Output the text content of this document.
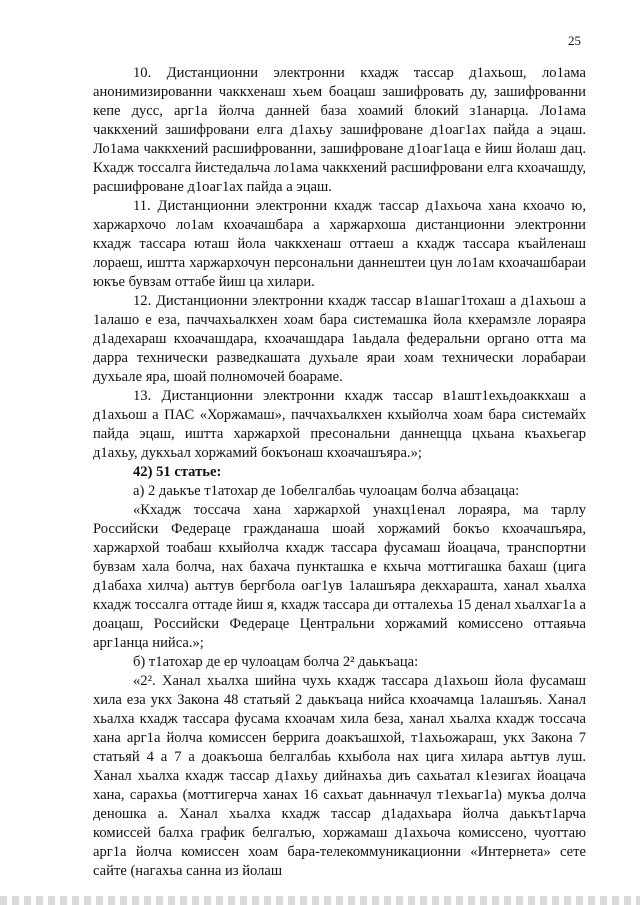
25

10. Дистанционни электронни кхадж тассар д1ахьош, ло1ама анонимизированни чаккхенаш хьем боацаш зашифровать ду, зашифрованни кепе дусс, арг1а йолча данней база хоамий блокий з1анарца. Ло1ама чаккхений зашифровани елга д1ахьу зашифроване д1оаг1ах пайда а эцаш. Ло1ама чаккхений расшифрованни, зашифроване д1оаг1аца е йиш йолаш дац. Кхадж тоссалга йистедальча ло1ама чаккхений расшифровани елга кхоачашду, расшифроване д1оаг1ах пайда а эцаш.

11. Дистанционни электронни кхадж тассар д1ахьоча хана кхоачо ю, харжархочо ло1ам кхоачашбара а харжархоша дистанционни электронни кхадж тассара юташ йола чаккхенаш оттаеш а кхадж тассара къайленаш лораеш, иштта харжархочун персональни даннештеи цун ло1ам кхоачашбараи юкъе бувзам оттабе йиш ца хилари.

12. Дистанционни электронни кхадж тассар в1ашаг1тохаш а д1ахьош а 1алашо е еза, паччахьалкхен хоам бара системашка йола кхерамзле лораяра д1адехараш кхоачашдара, кхоачашдара 1аьдала федеральни органо отта ма дарра технически разведкашата духьале яраи хоам технически лорабараи духьале яра, шоай полномочей боараме.

13. Дистанционни электронни кхадж тассар в1ашт1ехьдоаккхаш а д1ахьош а ПАС «Хоржамаш», паччахьалкхен кхыйолча хоам бара системайх пайда эцаш, иштта харжархой пресональни даннещца цхьана къахьегар д1ахьу, дукхьал хоржамий бокъонаш кхоачашъяра.»;

42) 51 статье:

а) 2 даькъе т1атохар де 1обелгалбаь чулоацам болча абзацаца:

«Кхадж тоссача хана харжархой унахц1енал лораяра, ма тарлу Российски Федераце гражданаша шоай хоржамий бокъо кхоачашъяра, харжархой тоабаш кхыйолча кхадж тассара фусамаш йоацача, транспортни бувзам хала болча, нах бахача пункташка е кхыча моттигашка бахаш (цига д1абаха хилча) аьттув бергбола оаг1ув 1алашъяра декхараштa, ханал хьалха кхадж тоссалга оттаде йиш я, кхадж тассара ди отталехьа 15 денал хьалхаг1а а доацаш, Российски Федераце Центральни хоржамий комиссено оттаяьча арг1анца нийса.»;

б) т1атохар де ер чулоацам болча 2² даькъаца:

«2². Ханал хьалха шийна чухь кхадж тассара д1ахьош йола фусамаш хила еза укх Закона 48 статьяй 2 даькъаца нийса кхоачамца 1алашъяь. Ханал хьалха кхадж тассара фусама кхоачам хила беза, ханал хьалха кхадж тоссача хана арг1а йолча комиссен берриrа доакъашхой, т1ахьожараш, укх Закона 7 статьяй 4 а 7 а доакъоша белгалбаь кхыбола нах цига хилара аьттув луш. Ханал хьалха кхадж тассар д1ахьу дийнахьа диъ сахьатал к1езигах йоацача хана, сарахьа (моттигерча ханах 16 сахьат даьнначул т1ехьаг1а) мукъа долча деношка а. Ханал хьалха кхадж тассар д1адахьара йолча даькът1арча комиссей балха график белгалъю, хоржамаш д1ахьоча комиссено, чуоттаю арг1а йолча комиссен хоам бара-телекоммуникационни «Интернета» сете сайте (нагахьа санна из йолаш
